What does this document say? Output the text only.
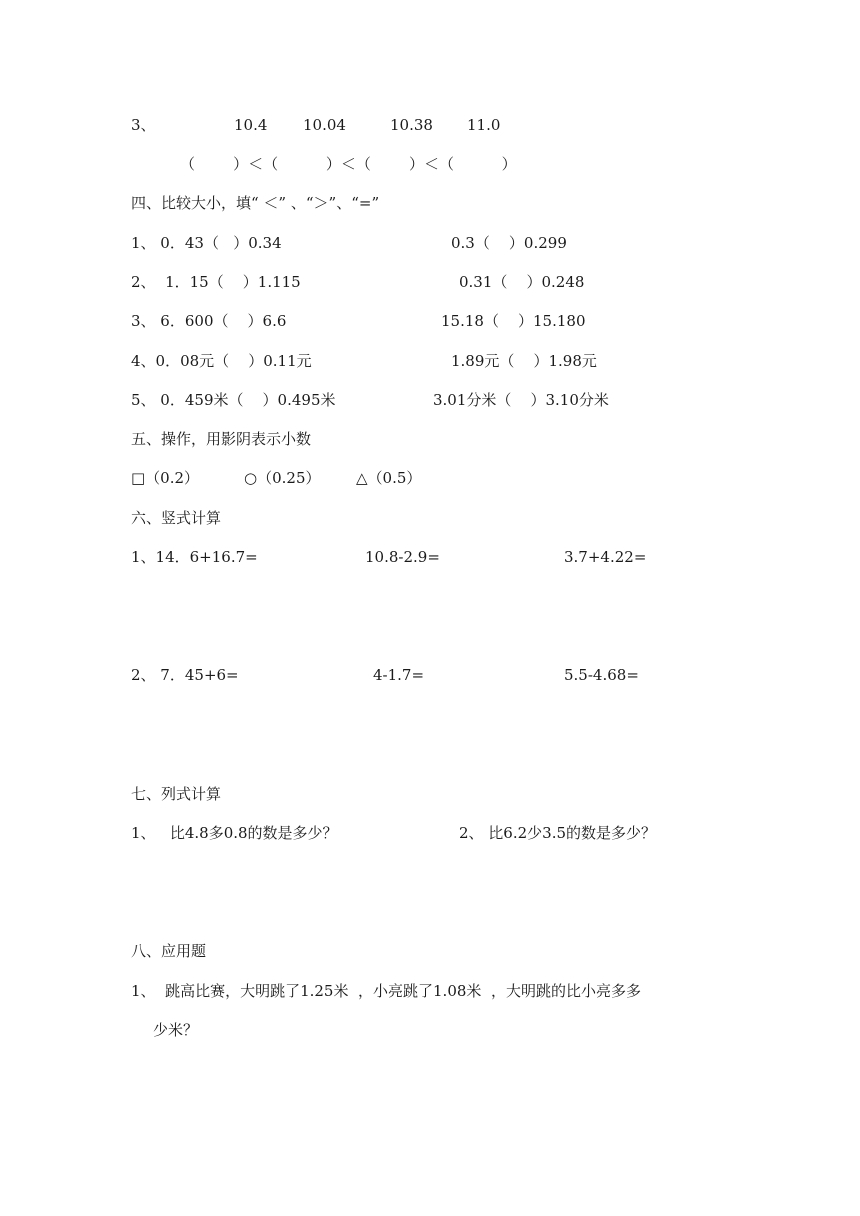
3、	10.4 10.04	10.38 11.0
（        ）＜（          ）＜（        ）＜（          ）
四、比较大小，填“ ＜” 、“＞”、“=”
1、 0．43（   ）0.34	0.3（    ）0.299
2、  1．15（    ）1.115	0.31（    ）0.248
3、 6．600（    ）6.6	15.18（    ）15.180
4、0．08元（    ）0.11元	1.89元（    ）1.98元
5、 0．459米（    ）0.495米	3.01分米（    ）3.10分米
五、操作，用影阴表示小数
□（0.2）	○（0.25） △（0.5）
六、竖式计算
1、14．6+16.7=	10.8-2.9=	3.7+4.22=
2、 7．45+6=	4-1.7=	5.5-4.68=
七、列式计算
1、   比4.8多0.8的数是多少？	2、 比6.2少3.5的数是多少？
八、应用题
1、  跳高比赛，大明跳了1.25米  ，小亮跳了1.08米  ，大明跳的比小亮多多
少米？
